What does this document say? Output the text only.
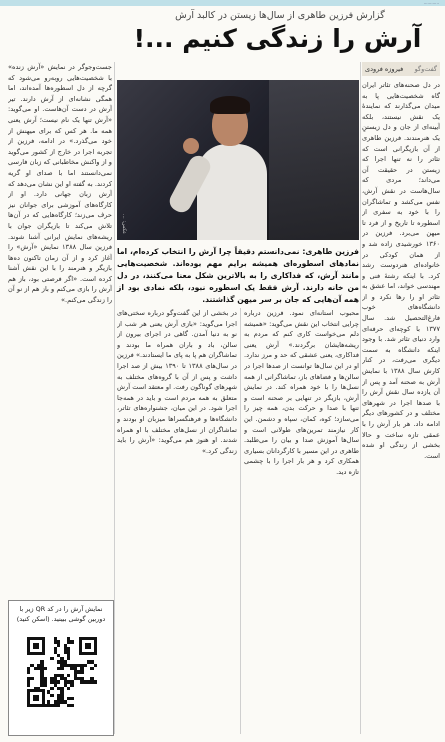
............
گزارش فرزین طاهری از سال‌ها زیستن در کالبد آرش
آرش را زندگی کنیم ...!
عکس: ...
فرزین طاهری: نمی‌دانستم دقیقاً چرا آرش را انتخاب کرده‌ام، اما نمادهای اسطوره‌ای همیشه برایم مهم بوده‌اند. شخصیت‌هایی مانند آرش، که فداکاری را به بالاترین شکل معنا می‌کنند، در دل من خانه دارند. آرش فقط یک اسطوره نبود، بلکه نمادی بود از همه آن‌هایی که جان بر سر میهن گذاشتند.
گفت‌وگو
فیروزه فرودی

در دل صحنه‌های تئاتر ایران گاه شخصیت‌هایی پا به میدان می‌گذارند که نمایندهٔ یک نقش نیستند، بلکه آیینه‌ای از جان و دل زیستنِ یک هنرمندند. فرزین طاهری از آن بازیگرانی است که تئاتر را نه تنها اجرا که زیستن در حقیقت آن می‌داند؛ مردی که سال‌هاست در نقش آرش، نفس می‌کشد و تماشاگران را با خود به سفری از اسطوره تا تاریخ و از فرد تا میهن می‌برد. فرزین در ۱۳۶۰ خورشیدی زاده شد و از همان کودکی در خانواده‌ای هنردوست رشد کرد. با اینکه رشتهٔ فنی و مهندسی خواند، اما عشق به تئاتر او را رها نکرد و از دانشگاه‌های خوب فارغ‌التحصیل شد. سال ۱۳۷۷ با کوچه‌ای حرفه‌ای وارد دنیای تئاتر شد. با وجود اینکه دانشگاه به سمت دیگری می‌رفت، در کنار کارش سال ۱۳۸۸ با نمایش آرش به صحنه آمد و پس از آن یازده سال نقش آرش را با صد‌ها اجرا در شهرهای مختلف و در کشورهای دیگر ادامه داد. هر بار آرش را با عمقی تازه ساخت و حالا بخشی از زندگی او شده است.

محبوب استانه‌ای نمود. فرزین درباره چرایی انتخاب این نقش می‌گوید: «همیشه دلم می‌خواست کاری کنم که مردم به ریشه‌هایشان برگردند.» آرش یعنی فداکاری، یعنی عشقی که حد و مرز ندارد. او در این سال‌ها توانست از صدها اجرا در سالن‌ها و فضاهای باز، تماشاگرانی از همه نسل‌ها را با خود همراه کند. در نمایش آرش، بازیگر در تنهایی بر صحنه است و تنها با صدا و حرکت بدن، همه چیز را می‌سازد؛ کوه، کمان، سپاه و دشمن. این کار نیازمند تمرین‌های طولانی است و سال‌ها آموزش صدا و بیان را می‌طلبد. طاهری در این مسیر با کارگردانان بسیاری همکاری کرد و هر بار اجرا را با چشمی تازه دید.

در بخشی از این گفت‌وگو درباره سختی‌های اجرا می‌گوید: «بازی آرش یعنی هر شب از نو به دنیا آمدن. گاهی در اجرای بیرون از سالن، باد و باران همراه ما بودند و تماشاگران هم پا به پای ما ایستادند.» فرزین در سال‌های ۱۳۸۸ تا ۱۳۹۰ بیش از صد اجرا داشت و پس از آن با گروه‌های مختلف به شهرهای گوناگون رفت. او معتقد است آرش متعلق به همه مردم است و باید در همه‌جا اجرا شود. در این میان، جشنواره‌های تئاتر، دانشگاه‌ها و فرهنگسراها میزبان او بودند و تماشاگران از نسل‌های مختلف با او همراه شدند. او هنوز هم می‌گوید: «آرش را باید زندگی کرد.»

جست‌وجوگر در نمایش «آرش زنده» با شخصیت‌هایی روبه‌رو می‌شود که گرچه از دل اسطوره‌ها آمده‌اند، اما همگی نشانه‌ای از آرش دارند. تیر آرش در دست آن‌هاست. او می‌گوید: «آرش تنها یک نام نیست؛ آرش یعنی همه ما. هر کس که برای میهنش از خود می‌گذرد.» در ادامه، فرزین از تجربه اجرا در خارج از کشور می‌گوید و از واکنش مخاطبانی که زبان فارسی نمی‌دانستند اما با صدای او گریه کردند. به گفته او این نشان می‌دهد که آرش زبان جهانی دارد. او از کارگاه‌های آموزشی برای جوانان نیز حرف می‌زند؛ کارگاه‌هایی که در آن‌ها تلاش می‌کند تا بازیگران جوان با ریشه‌های نمایش ایرانی آشنا شوند. فرزین سال ۱۳۸۸ نمایش «آرش» را آغاز کرد و از آن زمان تاکنون ده‌ها بازیگر و هنرمند را با این نقش آشنا کرده است. «اگر فرصتی بود، باز هم آرش را بازی می‌کنم و باز هم از نو آن را زندگی می‌کنم.»

نمایش آرش را در کد QR زیر با دوربین گوشی ببینید. (اسکن کنید)
